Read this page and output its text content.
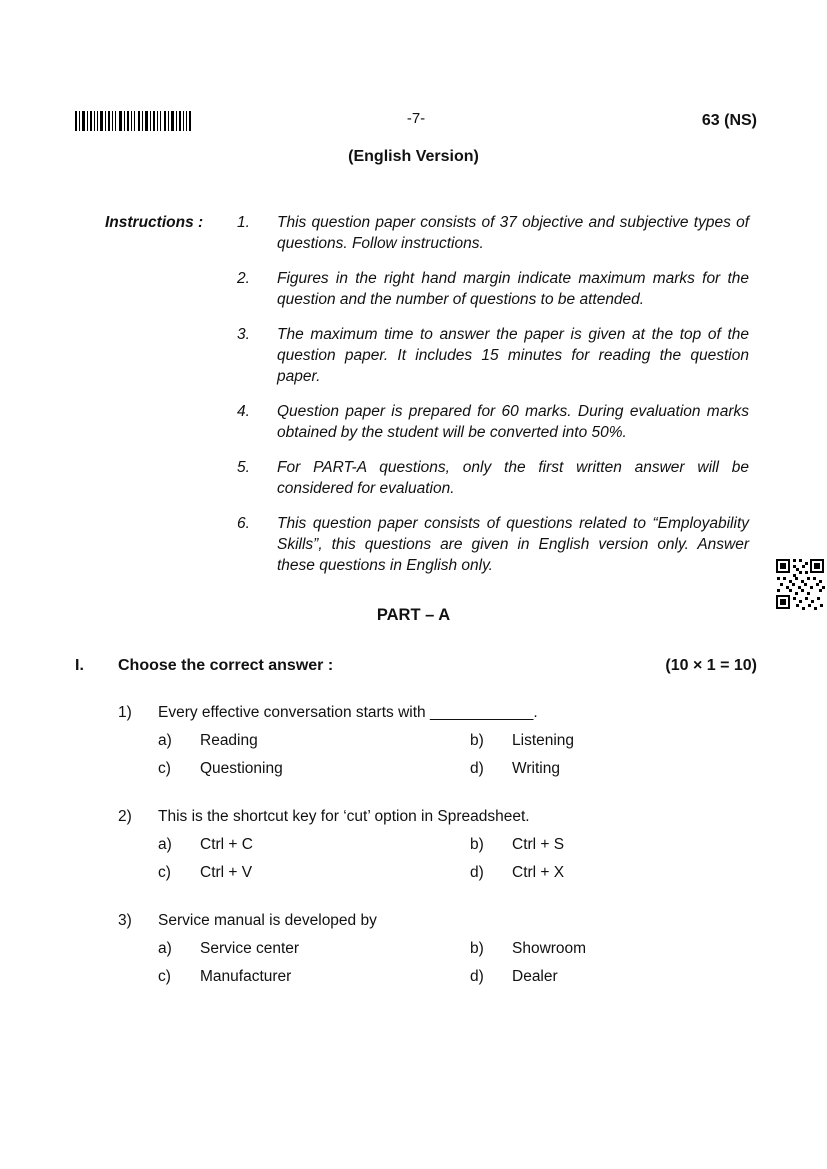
-7-	63 (NS)
(English Version)
Instructions : 1.	This question paper consists of 37 objective and subjective types of questions. Follow instructions.
2.	Figures in the right hand margin indicate maximum marks for the question and the number of questions to be attended.
3.	The maximum time to answer the paper is given at the top of the question paper. It includes 15 minutes for reading the question paper.
4.	Question paper is prepared for 60 marks. During evaluation marks obtained by the student will be converted into 50%.
5.	For PART-A questions, only the first written answer will be considered for evaluation.
6.	This question paper consists of questions related to “Employability Skills”, this questions are given in English version only. Answer these questions in English only.
PART – A
I.	Choose the correct answer :	(10 × 1 = 10)
1)	Every effective conversation starts with ____________.
a)	Reading	b)	Listening
c)	Questioning	d)	Writing
2)	This is the shortcut key for ‘cut’ option in Spreadsheet.
a)	Ctrl + C	b)	Ctrl + S
c)	Ctrl + V	d)	Ctrl + X
3)	Service manual is developed by
a)	Service center	b)	Showroom
c)	Manufacturer	d)	Dealer
